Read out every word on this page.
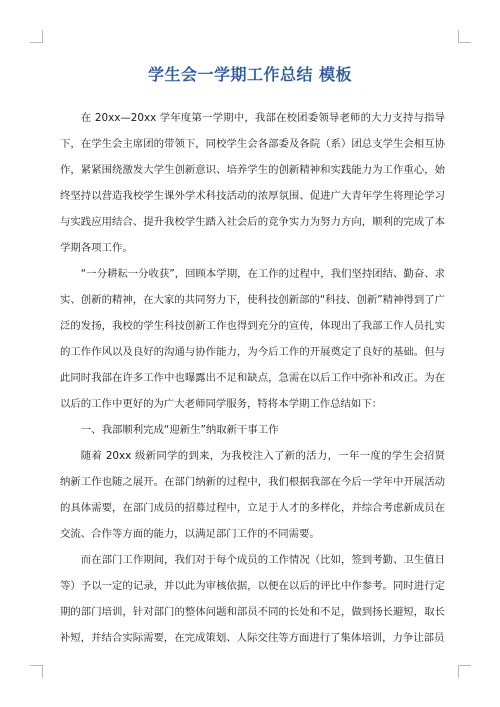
学生会一学期工作总结 模板

在 20xx—20xx 学年度第一学期中，我部在校团委领导老师的大力支持与指导下，在学生会主席团的带领下，同校学生会各部委及各院（系）团总支学生会相互协作，紧紧围绕激发大学生创新意识、培养学生的创新精神和实践能力为工作重心，始终坚持以营造我校学生课外学术科技活动的浓厚氛围、促进广大青年学生将理论学习与实践应用结合、提升我校学生踏入社会后的竞争实力为努力方向，顺利的完成了本学期各项工作。

“一分耕耘一分收获”，回顾本学期，在工作的过程中，我们坚持团结、勤奋、求实、创新的精神，在大家的共同努力下，使科技创新部的“科技、创新”精神得到了广泛的发扬，我校的学生科技创新工作也得到充分的宣传，体现出了我部工作人员扎实的工作作风以及良好的沟通与协作能力，为今后工作的开展奠定了良好的基础。但与此同时我部在许多工作中也曝露出不足和缺点，急需在以后工作中弥补和改正。为在以后的工作中更好的为广大老师同学服务，特将本学期工作总结如下：

一、我部顺利完成“迎新生”纳取新干事工作

随着 20xx 级新同学的到来，为我校注入了新的活力，一年一度的学生会招贤纳新工作也随之展开。在部门纳新的过程中，我们根据我部在今后一学年中开展活动的具体需要，在部门成员的招募过程中，立足于人才的多样化，并综合考虑新成员在交流、合作等方面的能力，以满足部门工作的不同需要。

而在部门工作期间，我们对于每个成员的工作情况（比如，签到考勤、卫生值日等）予以一定的记录，并以此为审核依据，以便在以后的评比中作参考。同时进行定期的部门培训，针对部门的整体问题和部员不同的长处和不足，做到扬长避短，取长补短，并结合实际需要，在完成策划、人际交往等方面进行了集体培训，力争让部员
